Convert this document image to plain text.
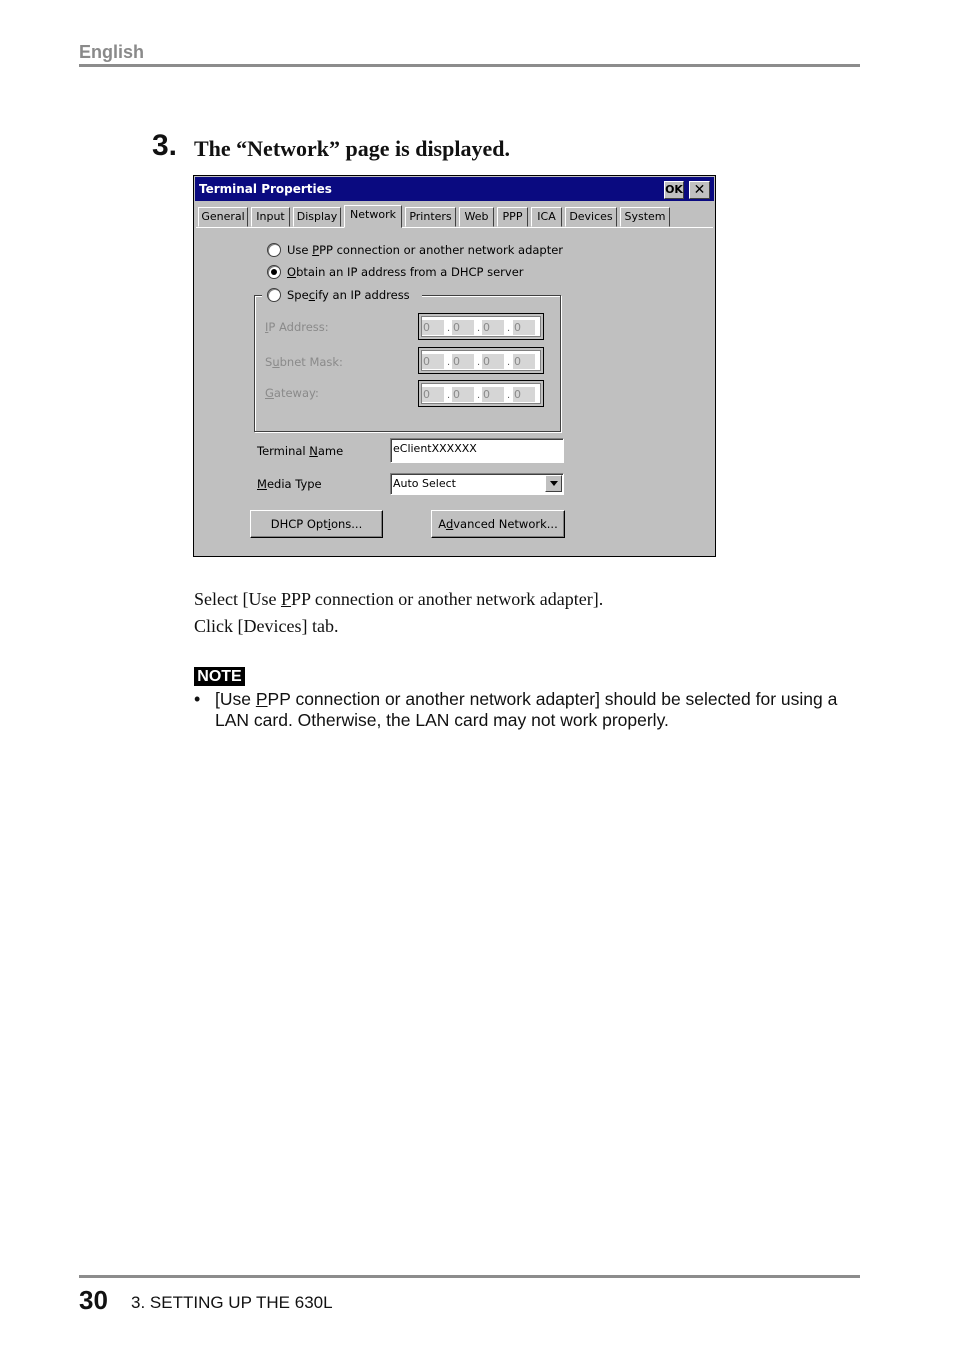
English
3. The “Network” page is displayed.
Terminal Properties	OK ✕
General	Input	Display	Network	Printers	Web	PPP	ICA	Devices	System
Use PPP connection or another network adapter
Obtain an IP address from a DHCP server
Specify an IP address
IP Address:	0	. 0	. 0	. 0
Subnet Mask:	0	. 0	. 0	. 0
Gateway:	0	. 0	. 0	. 0
Terminal Name	eClientXXXXXX
Media Type	Auto Select
DHCP Options...	Advanced Network...
Select [Use PPP connection or another network adapter].
Click [Devices] tab.
NOTE
• [Use PPP connection or another network adapter] should be selected for using a LAN card. Otherwise, the LAN card may not work properly.
30 3. SETTING UP THE 630L
